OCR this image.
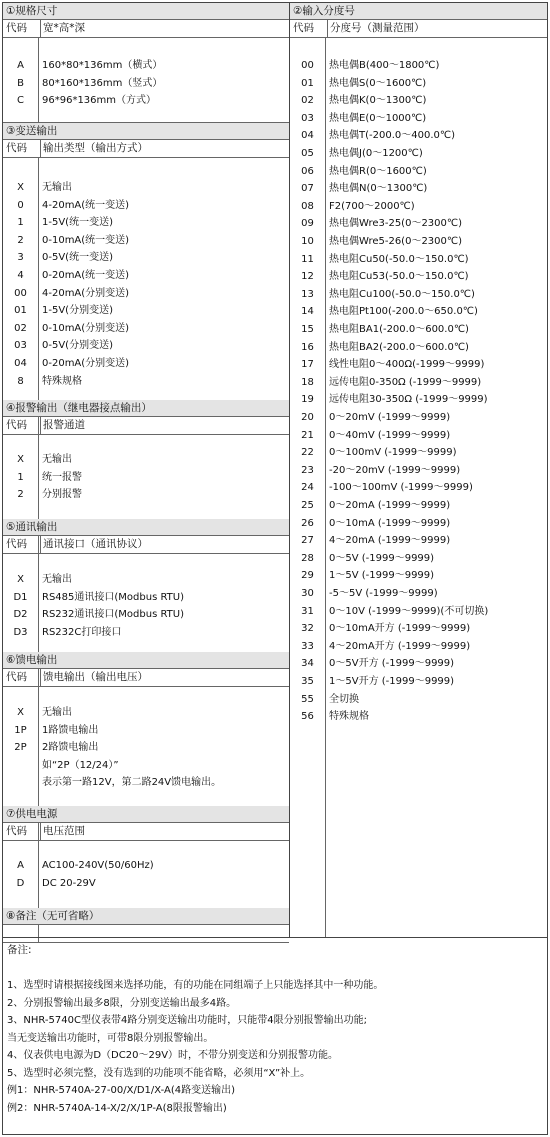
①规格尺寸
代码 宽*高*深
A	160*80*136mm（横式）
B	80*160*136mm（竖式）
C	96*96*136mm（方式）
③变送输出
代码 输出类型（输出方式）
X	无输出
0	4-20mA(统一变送)
1	1-5V(统一变送)
2	0-10mA(统一变送)
3	0-5V(统一变送)
4	0-20mA(统一变送)
00	4-20mA(分别变送)
01	1-5V(分别变送)
02	0-10mA(分别变送)
03	0-5V(分别变送)
04	0-20mA(分别变送)
8	特殊规格
④报警输出（继电器接点输出）
代码 报警通道
X	无输出
1	统一报警
2	分别报警
⑤通讯输出
代码 通讯接口（通讯协议）
X	无输出
D1	RS485通讯接口(Modbus RTU)
D2	RS232通讯接口(Modbus RTU)
D3	RS232C打印接口
⑥馈电输出
代码 馈电输出（输出电压）
X	无输出
1P	1路馈电输出
2P	2路馈电输出
如“2P（12/24）”
表示第一路12V，第二路24V馈电输出。
⑦供电电源
代码 电压范围
A	AC100-240V(50/60Hz)
D	DC 20-29V
⑧备注（无可省略）
②输入分度号
代码 分度号（测量范围）
00	热电偶B(400～1800℃)
01	热电偶S(0～1600℃)
02	热电偶K(0～1300℃)
03	热电偶E(0～1000℃)
04	热电偶T(-200.0～400.0℃)
05	热电偶J(0～1200℃)
06	热电偶R(0～1600℃)
07	热电偶N(0～1300℃)
08	F2(700～2000℃)
09	热电偶Wre3-25(0～2300℃)
10	热电偶Wre5-26(0～2300℃)
11	热电阻Cu50(-50.0～150.0℃)
12	热电阻Cu53(-50.0～150.0℃)
13	热电阻Cu100(-50.0～150.0℃)
14	热电阻Pt100(-200.0～650.0℃)
15	热电阻BA1(-200.0～600.0℃)
16	热电阻BA2(-200.0～600.0℃)
17	线性电阻0～400Ω(-1999～9999)
18	远传电阻0-350Ω (-1999～9999)
19	远传电阻30-350Ω (-1999～9999)
20	0～20mV (-1999～9999)
21	0～40mV (-1999～9999)
22	0～100mV (-1999～9999)
23	-20～20mV (-1999～9999)
24	-100～100mV (-1999～9999)
25	0～20mA (-1999～9999)
26	0～10mA (-1999～9999)
27	4～20mA (-1999～9999)
28	0～5V (-1999～9999)
29	1～5V (-1999～9999)
30	-5～5V (-1999～9999)
31	0～10V (-1999～9999)(不可切换)
32	0～10mA开方 (-1999～9999)
33	4～20mA开方 (-1999～9999)
34	0～5V开方 (-1999～9999)
35	1～5V开方 (-1999～9999)
55	全切换
56	特殊规格
备注:
1、选型时请根据接线图来选择功能，有的功能在同组端子上只能选择其中一种功能。
2、分别报警输出最多8限，分别变送输出最多4路。
3、NHR-5740C型仪表带4路分别变送输出功能时，只能带4限分别报警输出功能;
当无变送输出功能时，可带8限分别报警输出。
4、仪表供电电源为D（DC20～29V）时，不带分别变送和分别报警功能。
5、选型时必须完整，没有选到的功能项不能省略，必须用“X”补上。
例1：NHR-5740A-27-00/X/D1/X-A(4路变送输出)
例2：NHR-5740A-14-X/2/X/1P-A(8限报警输出)
